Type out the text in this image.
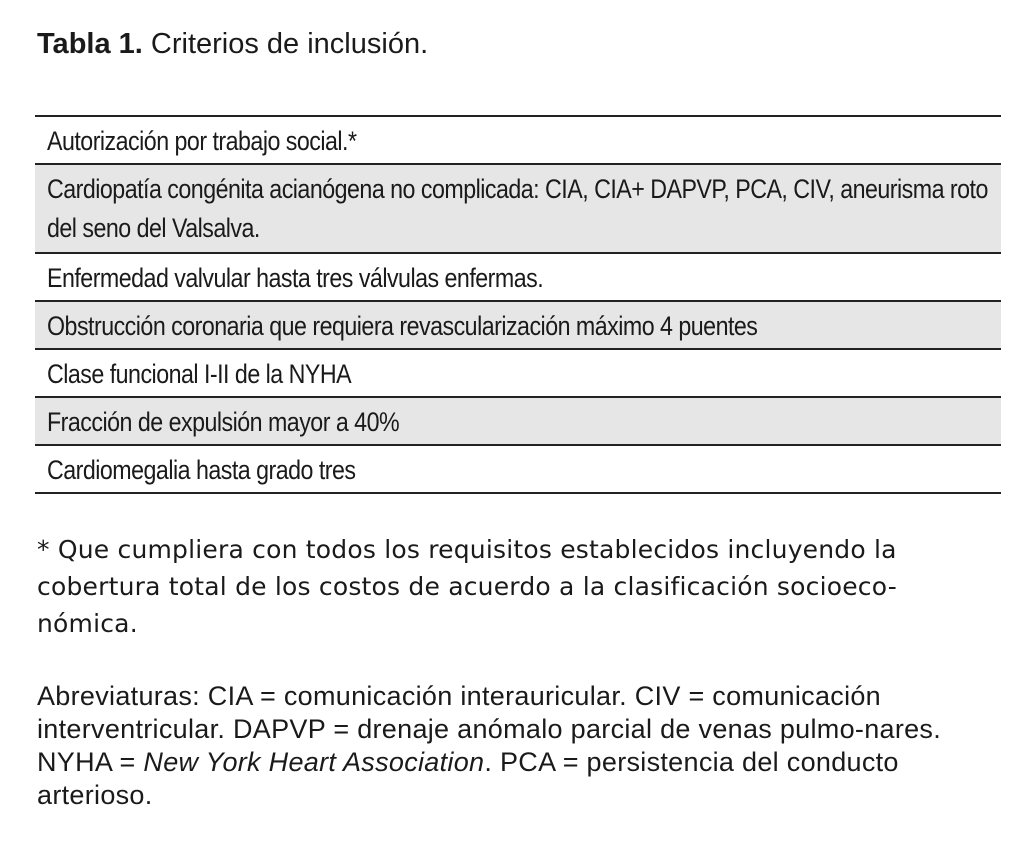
Tabla 1. Criterios de inclusión.
Autorización por trabajo social.*
Cardiopatía congénita acianógena no complicada: CIA, CIA+ DAPVP, PCA, CIV, aneurisma roto del seno del Valsalva.
Enfermedad valvular hasta tres válvulas enfermas.
Obstrucción coronaria que requiera revascularización máximo 4 puentes
Clase funcional I-II de la NYHA
Fracción de expulsión mayor a 40%
Cardiomegalia hasta grado tres
* Que cumpliera con todos los requisitos establecidos incluyendo la cobertura total de los costos de acuerdo a la clasificación socioeco-nómica.
Abreviaturas: CIA = comunicación interauricular. CIV = comunicación interventricular. DAPVP = drenaje anómalo parcial de venas pulmo-nares. NYHA = New York Heart Association. PCA = persistencia del conducto arterioso.
